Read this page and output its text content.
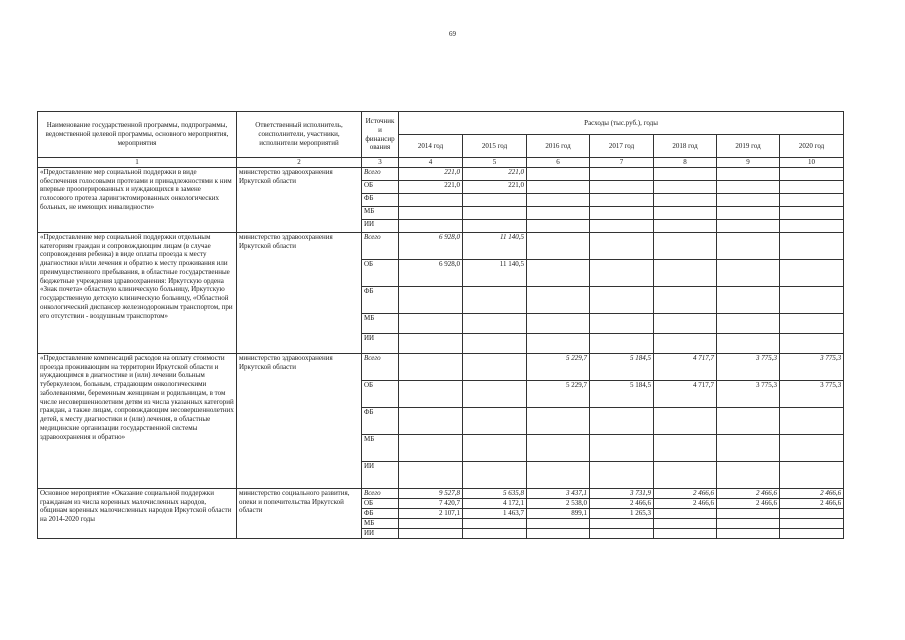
69
Наименование государственной программы, подпрограммы, ведомственной целевой программы, основного мероприятия, мероприятия	Ответственный исполнитель, соисполнители, участники, исполнители мероприятий	Источник и финансир ования	Расходы (тыс.руб.), годы						
			2014 год	2015 год	2016 год	2017 год	2018 год	2019 год	2020 год
1	2	3	4	5	6	7	8	9	10
«Предоставление мер социальной поддержки в виде обеспечения голосовыми протезами и принадлежностями к ним впервые прооперированных и нуждающихся в замене голосового протеза ларингэктомированных онкологических больных, не имеющих инвалидности»	министерство здравоохранения Иркутской области	Всего	221,0	221,0					
		ОБ	221,0	221,0					
		ФБ							
		МБ							
		ИИ							
«Предоставление мер социальной поддержки отдельным категориям граждан и сопровождающим лицам (в случае сопровождения ребенка) в виде оплаты проезда к месту диагностики и/или лечения и обратно к месту проживания или преимущественного пребывания, в областные государственные бюджетные учреждения здравоохранения: Иркутскую ордена «Знак почета» областную клиническую больницу, Иркутскую государственную детскую клиническую больницу, «Областной онкологический диспансер железнодорожным транспортом, при его отсутствии - воздушным транспортом»	министерство здравоохранения Иркутской области	Всего	6 928,0	11 140,5					
		ОБ	6 928,0	11 140,5					
		ФБ							
		МБ							
		ИИ							
«Предоставление компенсаций расходов на оплату стоимости проезда проживающим на территории Иркутской области и нуждающимся в диагностике и (или) лечении больным туберкулезом, больным, страдающим онкологическими заболеваниями, беременным женщинам и родильницам, в том числе несовершеннолетним детям из числа указанных категорий граждан, а также лицам, сопровождающим несовершеннолетних детей, к месту диагностики и (или) лечения, в областные медицинские организации государственной системы здравоохранения и обратно»	министерство здравоохранения Иркутской области	Всего			5 229,7	5 184,5	4 717,7	3 775,3	3 775,3
		ОБ			5 229,7	5 184,5	4 717,7	3 775,3	3 775,3
		ФБ							
		МБ							
		ИИ							
Основное мероприятие «Оказание социальной поддержки гражданам из числа коренных малочисленных народов, общинам коренных малочисленных народов Иркутской области на 2014-2020 годы	министерство социального развития, опеки и попечительства Иркутской области	Всего	9 527,8	5 635,8	3 437,1	3 731,9	2 466,6	2 466,6	2 466,6
		ОБ	7 420,7	4 172,1	2 538,0	2 466,6	2 466,6	2 466,6	2 466,6
		ФБ	2 107,1	1 463,7	899,1	1 265,3			
		МБ							
		ИИ							
